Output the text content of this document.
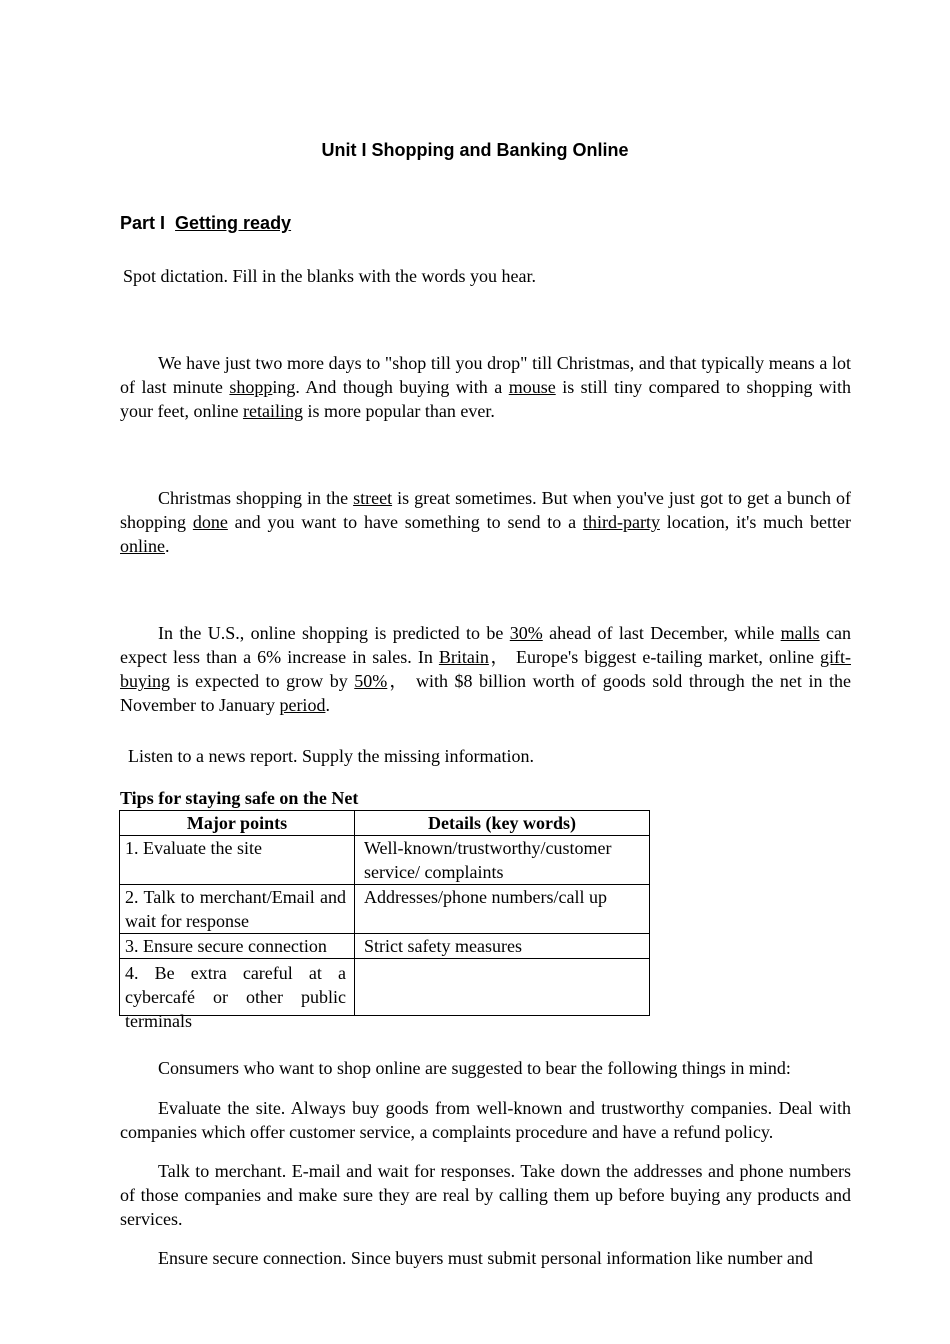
Unit I Shopping and Banking Online
Part I Getting ready

Spot dictation. Fill in the blanks with the words you hear.

We have just two more days to "shop till you drop" till Christmas, and that typically means a lot of last minute shopping. And though buying with a mouse is still tiny compared to shopping with your feet, online retailing is more popular than ever.

Christmas shopping in the street is great sometimes. But when you've just got to get a bunch of shopping done and you want to have something to send to a third-party location, it's much better online.

In the U.S., online shopping is predicted to be 30% ahead of last December, while malls can expect less than a 6% increase in sales. In Britain， Europe's biggest e-tailing market, online gift-buying is expected to grow by 50%， with $8 billion worth of goods sold through the net in the November to January period.

Listen to a news report. Supply the missing information.

Tips for staying safe on the Net

Major points	Details (key words)
1. Evaluate the site	Well-known/trustworthy/customer service/ complaints
2. Talk to merchant/Email and wait for response	Addresses/phone numbers/call up
3. Ensure secure connection	Strict safety measures

4. Be extra careful at a cybercafé or other public terminals	

Consumers who want to shop online are suggested to bear the following things in mind:

Evaluate the site. Always buy goods from well-known and trustworthy companies. Deal with companies which offer customer service, a complaints procedure and have a refund policy.

Talk to merchant. E-mail and wait for responses. Take down the addresses and phone numbers of those companies and make sure they are real by calling them up before buying any products and services.

Ensure secure connection. Since buyers must submit personal information like number and
